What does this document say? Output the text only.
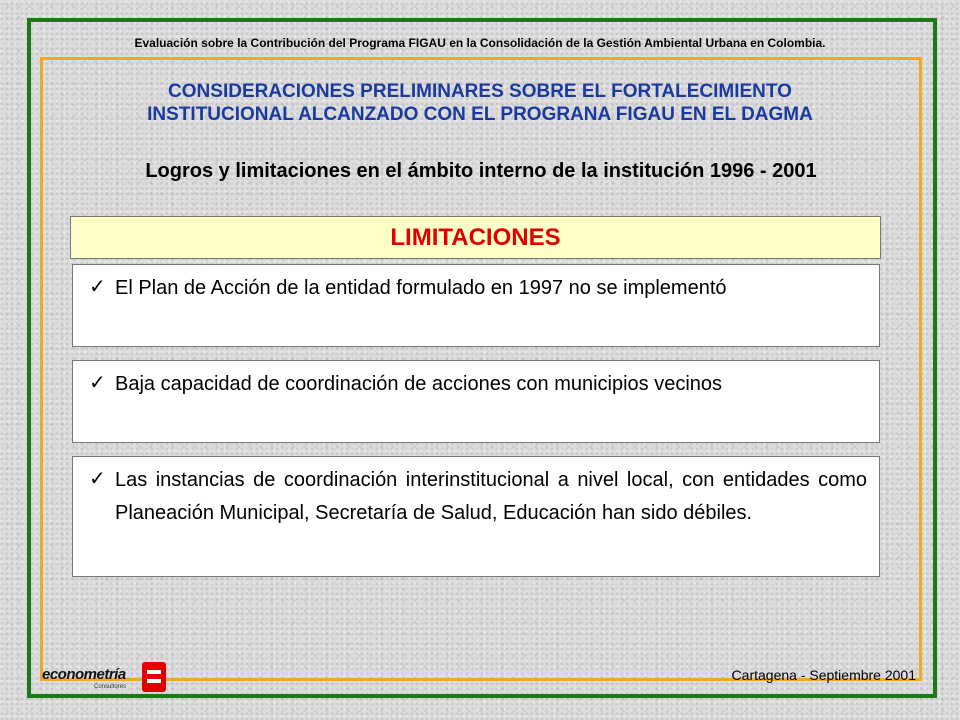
Evaluación sobre la Contribución del Programa FIGAU en la Consolidación de la Gestión Ambiental Urbana en Colombia.
CONSIDERACIONES PRELIMINARES SOBRE EL FORTALECIMIENTO
INSTITUCIONAL ALCANZADO CON EL PROGRANA FIGAU EN EL DAGMA
Logros y limitaciones en el ámbito interno de la institución 1996 - 2001
LIMITACIONES
✓ El Plan de Acción de la entidad formulado en 1997 no se implementó
✓ Baja capacidad de coordinación de acciones con municipios vecinos
✓ Las instancias de coordinación interinstitucional a nivel local, con entidades como Planeación Municipal, Secretaría de Salud, Educación han sido débiles.
econometría
Consultores
Cartagena - Septiembre 2001
